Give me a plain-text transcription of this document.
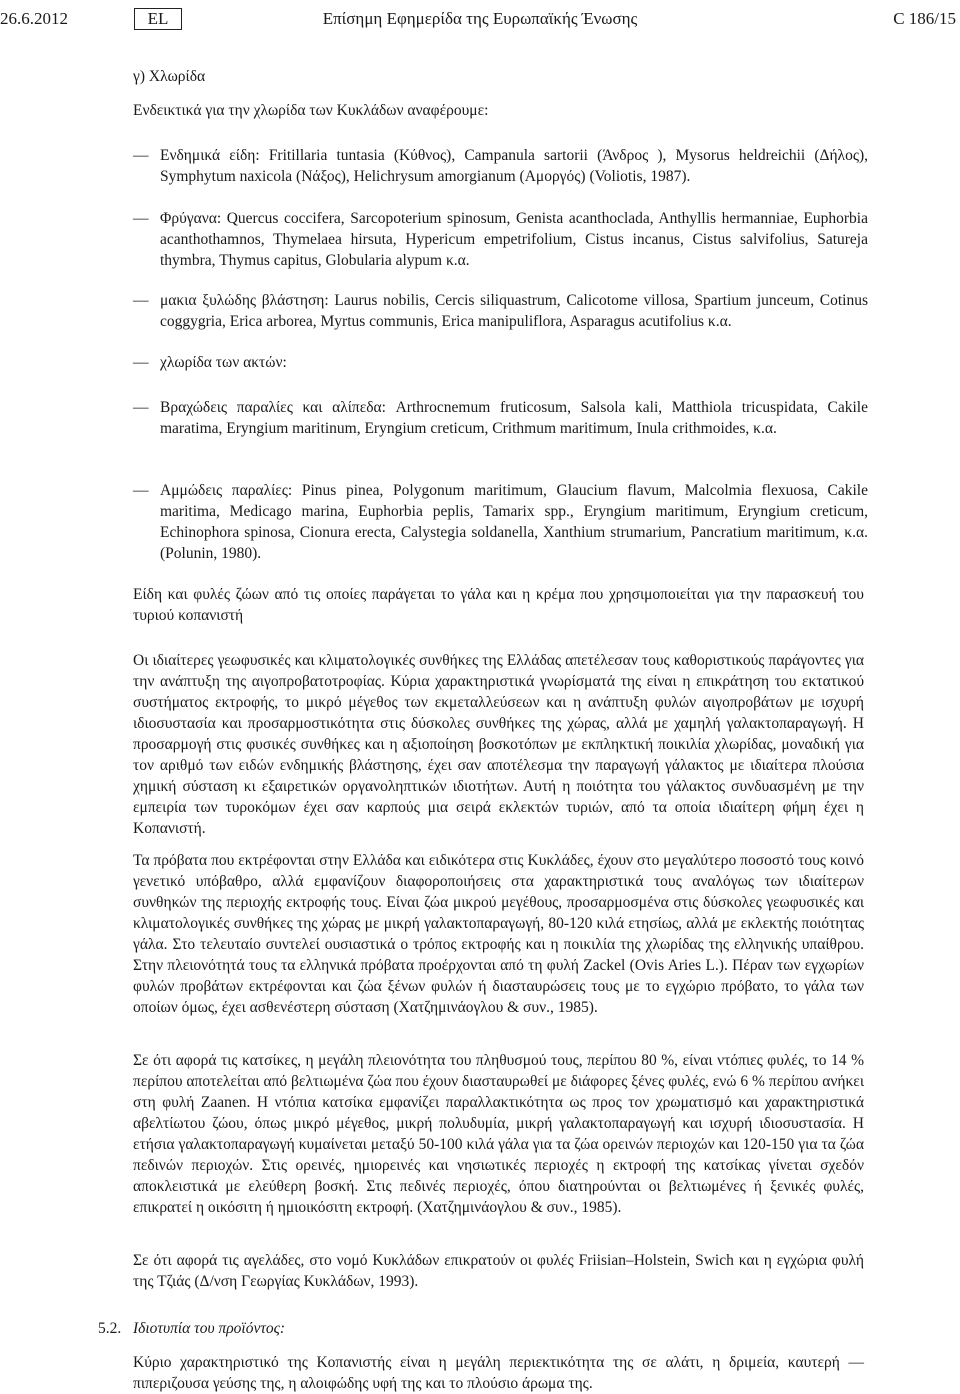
26.6.2012	EL	Επίσημη Εφημερίδα της Ευρωπαϊκής Ένωσης	C 186/15
γ) Χλωρίδα
Ενδεικτικά για την χλωρίδα των Κυκλάδων αναφέρουμε:
— Ενδημικά είδη: Fritillaria tuntasia (Κύθνος), Campanula sartorii (Άνδρος ), Mysorus heldreichii (Δήλος), Symphytum naxicola (Νάξος), Helichrysum amorgianum (Αμοργός) (Voliotis, 1987).
— Φρύγανα: Quercus coccifera, Sarcopoterium spinosum, Genista acanthoclada, Anthyllis hermanniae, Euphorbia acanthothamnos, Thymelaea hirsuta, Hypericum empetrifolium, Cistus incanus, Cistus salvifolius, Satureja thymbra, Thymus capitus, Globularia alypum κ.α.
— μακια ξυλώδης βλάστηση: Laurus nobilis, Cercis siliquastrum, Calicotome villosa, Spartium junceum, Cotinus coggygria, Erica arborea, Myrtus communis, Erica manipuliflora, Asparagus acutifolius κ.α.
— χλωρίδα των ακτών:
— Βραχώδεις παραλίες και αλίπεδα: Arthrocnemum fruticosum, Salsola kali, Matthiola tricuspidata, Cakile maratima, Eryngium maritinum, Eryngium creticum, Crithmum maritimum, Inula crithmoides, κ.α.
— Αμμώδεις παραλίες: Pinus pinea, Polygonum maritimum, Glaucium flavum, Malcolmia flexuosa, Cakile maritima, Medicago marina, Euphorbia peplis, Tamarix spp., Eryngium maritimum, Eryngium creticum, Echinophora spinosa, Cionura erecta, Calystegia soldanella, Xanthium strumarium, Pancratium maritimum, κ.α. (Polunin, 1980).
Είδη και φυλές ζώων από τις οποίες παράγεται το γάλα και η κρέμα που χρησιμοποιείται για την παρασκευή του τυριού κοπανιστή
Οι ιδιαίτερες γεωφυσικές και κλιματολογικές συνθήκες της Ελλάδας απετέλεσαν τους καθοριστικούς παράγοντες για την ανάπτυξη της αιγοπροβατοτροφίας. Κύρια χαρακτηριστικά γνωρίσματά της είναι η επικράτηση του εκτατικού συστήματος εκτροφής, το μικρό μέγεθος των εκμεταλλεύσεων και η ανάπτυξη φυλών αιγοπροβάτων με ισχυρή ιδιοσυστασία και προσαρμοστικότητα στις δύσκολες συνθήκες της χώρας, αλλά με χαμηλή γαλακτοπαραγωγή. Η προσαρμογή στις φυσικές συνθήκες και η αξιοποίηση βοσκοτόπων με εκπληκτική ποικιλία χλωρίδας, μοναδική για τον αριθμό των ειδών ενδημικής βλάστησης, έχει σαν αποτέλεσμα την παραγωγή γάλακτος με ιδιαίτερα πλούσια χημική σύσταση κι εξαιρετικών οργανοληπτικών ιδιοτήτων. Αυτή η ποιότητα του γάλακτος συνδυασμένη με την εμπειρία των τυροκόμων έχει σαν καρπούς μια σειρά εκλεκτών τυριών, από τα οποία ιδιαίτερη φήμη έχει η Κοπανιστή.
Τα πρόβατα που εκτρέφονται στην Ελλάδα και ειδικότερα στις Κυκλάδες, έχουν στο μεγαλύτερο ποσοστό τους κοινό γενετικό υπόβαθρο, αλλά εμφανίζουν διαφοροποιήσεις στα χαρακτηριστικά τους αναλόγως των ιδιαίτερων συνθηκών της περιοχής εκτροφής τους. Είναι ζώα μικρού μεγέθους, προσαρμοσμένα στις δύσκολες γεωφυσικές και κλιματολογικές συνθήκες της χώρας με μικρή γαλακτοπαραγωγή, 80-120 κιλά ετησίως, αλλά με εκλεκτής ποιότητας γάλα. Στο τελευταίο συντελεί ουσιαστικά ο τρόπος εκτροφής και η ποικιλία της χλωρίδας της ελληνικής υπαίθρου. Στην πλειονότητά τους τα ελληνικά πρόβατα προέρχονται από τη φυλή Zackel (Ovis Aries L.). Πέραν των εγχωρίων φυλών προβάτων εκτρέφονται και ζώα ξένων φυλών ή διασταυρώσεις τους με το εγχώριο πρόβατο, το γάλα των οποίων όμως, έχει ασθενέστερη σύσταση (Χατζημινάογλου & συν., 1985).
Σε ότι αφορά τις κατσίκες, η μεγάλη πλειονότητα του πληθυσμού τους, περίπου 80 %, είναι ντόπιες φυλές, το 14 % περίπου αποτελείται από βελτιωμένα ζώα που έχουν διασταυρωθεί με διάφορες ξένες φυλές, ενώ 6 % περίπου ανήκει στη φυλή Zaanen. Η ντόπια κατσίκα εμφανίζει παραλλακτικότητα ως προς τον χρωματισμό και χαρακτηριστικά αβελτίωτου ζώου, όπως μικρό μέγεθος, μικρή πολυδυμία, μικρή γαλακτοπαραγωγή και ισχυρή ιδιοσυστασία. Η ετήσια γαλακτοπαραγωγή κυμαίνεται μεταξύ 50-100 κιλά γάλα για τα ζώα ορεινών περιοχών και 120-150 για τα ζώα πεδινών περιοχών. Στις ορεινές, ημιορεινές και νησιωτικές περιοχές η εκτροφή της κατσίκας γίνεται σχεδόν αποκλειστικά με ελεύθερη βοσκή. Στις πεδινές περιοχές, όπου διατηρούνται οι βελτιωμένες ή ξενικές φυλές, επικρατεί η οικόσιτη ή ημιοικόσιτη εκτροφή. (Χατζημινάογλου & συν., 1985).
Σε ότι αφορά τις αγελάδες, στο νομό Κυκλάδων επικρατούν οι φυλές Friisian–Holstein, Swich και η εγχώρια φυλή της Τζιάς (Δ/νση Γεωργίας Κυκλάδων, 1993).
5.2. Ιδιοτυπία του προϊόντος:
Κύριο χαρακτηριστικό της Κοπανιστής είναι η μεγάλη περιεκτικότητα της σε αλάτι, η δριμεία, καυτερή — πιπεριζουσα γεύσης της, η αλοιφώδης υφή της και το πλούσιο άρωμα της.
